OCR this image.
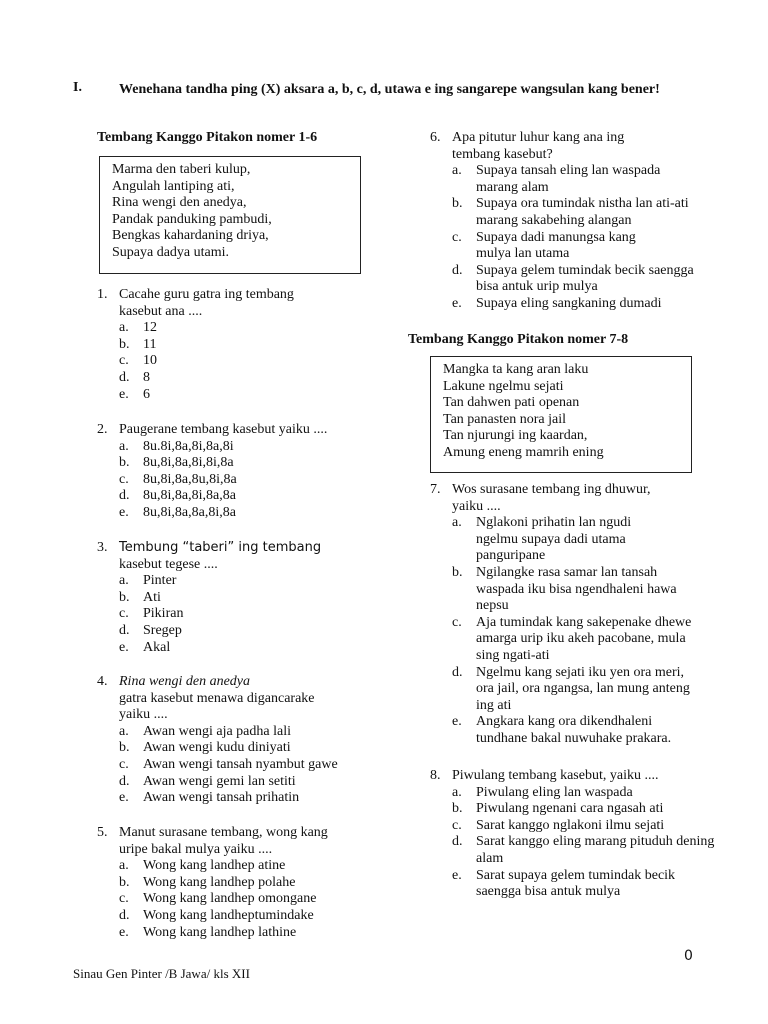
I.	Wenehana tandha ping (X) aksara a, b, c, d, utawa e ing sangarepe wangsulan kang bener!
Tembang Kanggo Pitakon nomer 1-6
Marma den taberi kulup,
Angulah lantiping ati,
Rina wengi den anedya,
Pandak panduking pambudi,
Bengkas kahardaning driya,
Supaya dadya utami.
1. Cacahe guru gatra ing tembang
kasebut ana ....
a.	12
b. 11
c.	10
d. 8
e.	6
2. Paugerane tembang kasebut yaiku ....
a.	8u.8i,8a,8i,8a,8i
b. 8u,8i,8a,8i,8i,8a
c.	8u,8i,8a,8u,8i,8a
d. 8u,8i,8a,8i,8a,8a
e.	8u,8i,8a,8a,8i,8a
3. Tembung “taberi” ing tembang
kasebut tegese ....
a.	Pinter
b. Ati
c.	Pikiran
d. Sregep
e.	Akal
4. Rina wengi den anedya
gatra kasebut menawa digancarake
yaiku ....
a.	Awan wengi aja padha lali
b. Awan wengi kudu diniyati
c.	Awan wengi tansah nyambut gawe
d. Awan wengi gemi lan setiti
e.	Awan wengi tansah prihatin
5. Manut surasane tembang, wong kang
uripe bakal mulya yaiku ....
a.	Wong kang landhep atine
b. Wong kang landhep polahe
c.	Wong kang landhep omongane
d. Wong kang landheptumindake
e.	Wong kang landhep lathine
6. Apa pitutur luhur kang ana ing
tembang kasebut?
a.	Supaya tansah eling lan waspada marang alam
b. Supaya ora tumindak nistha lan ati-ati marang sakabehing alangan
c.	Supaya dadi manungsa kang mulya lan utama
d. Supaya gelem tumindak becik saengga bisa antuk urip mulya
e.	Supaya eling sangkaning dumadi
Tembang Kanggo Pitakon nomer 7-8
Mangka ta kang aran laku
Lakune ngelmu sejati
Tan dahwen pati openan
Tan panasten nora jail
Tan njurungi ing kaardan,
Amung eneng mamrih ening
7. Wos surasane tembang ing dhuwur,
yaiku ....
a.	Nglakoni prihatin lan ngudi ngelmu supaya dadi utama panguripane
b. Ngilangke rasa samar lan tansah waspada iku bisa ngendhaleni hawa nepsu
c.	Aja tumindak kang sakepenake dhewe amarga urip iku akeh pacobane, mula sing ngati-ati
d. Ngelmu kang sejati iku yen ora meri, ora jail, ora ngangsa, lan mung anteng ing ati
e.	Angkara kang ora dikendhaleni tundhane bakal nuwuhake prakara.
8. Piwulang tembang kasebut, yaiku ....
a.	Piwulang eling lan waspada
b. Piwulang ngenani cara ngasah ati
c.	Sarat kanggo nglakoni ilmu sejati
d. Sarat kanggo eling marang pituduh dening alam
e.	Sarat supaya gelem tumindak becik saengga bisa antuk mulya
0
Sinau Gen Pinter /B Jawa/ kls XII
